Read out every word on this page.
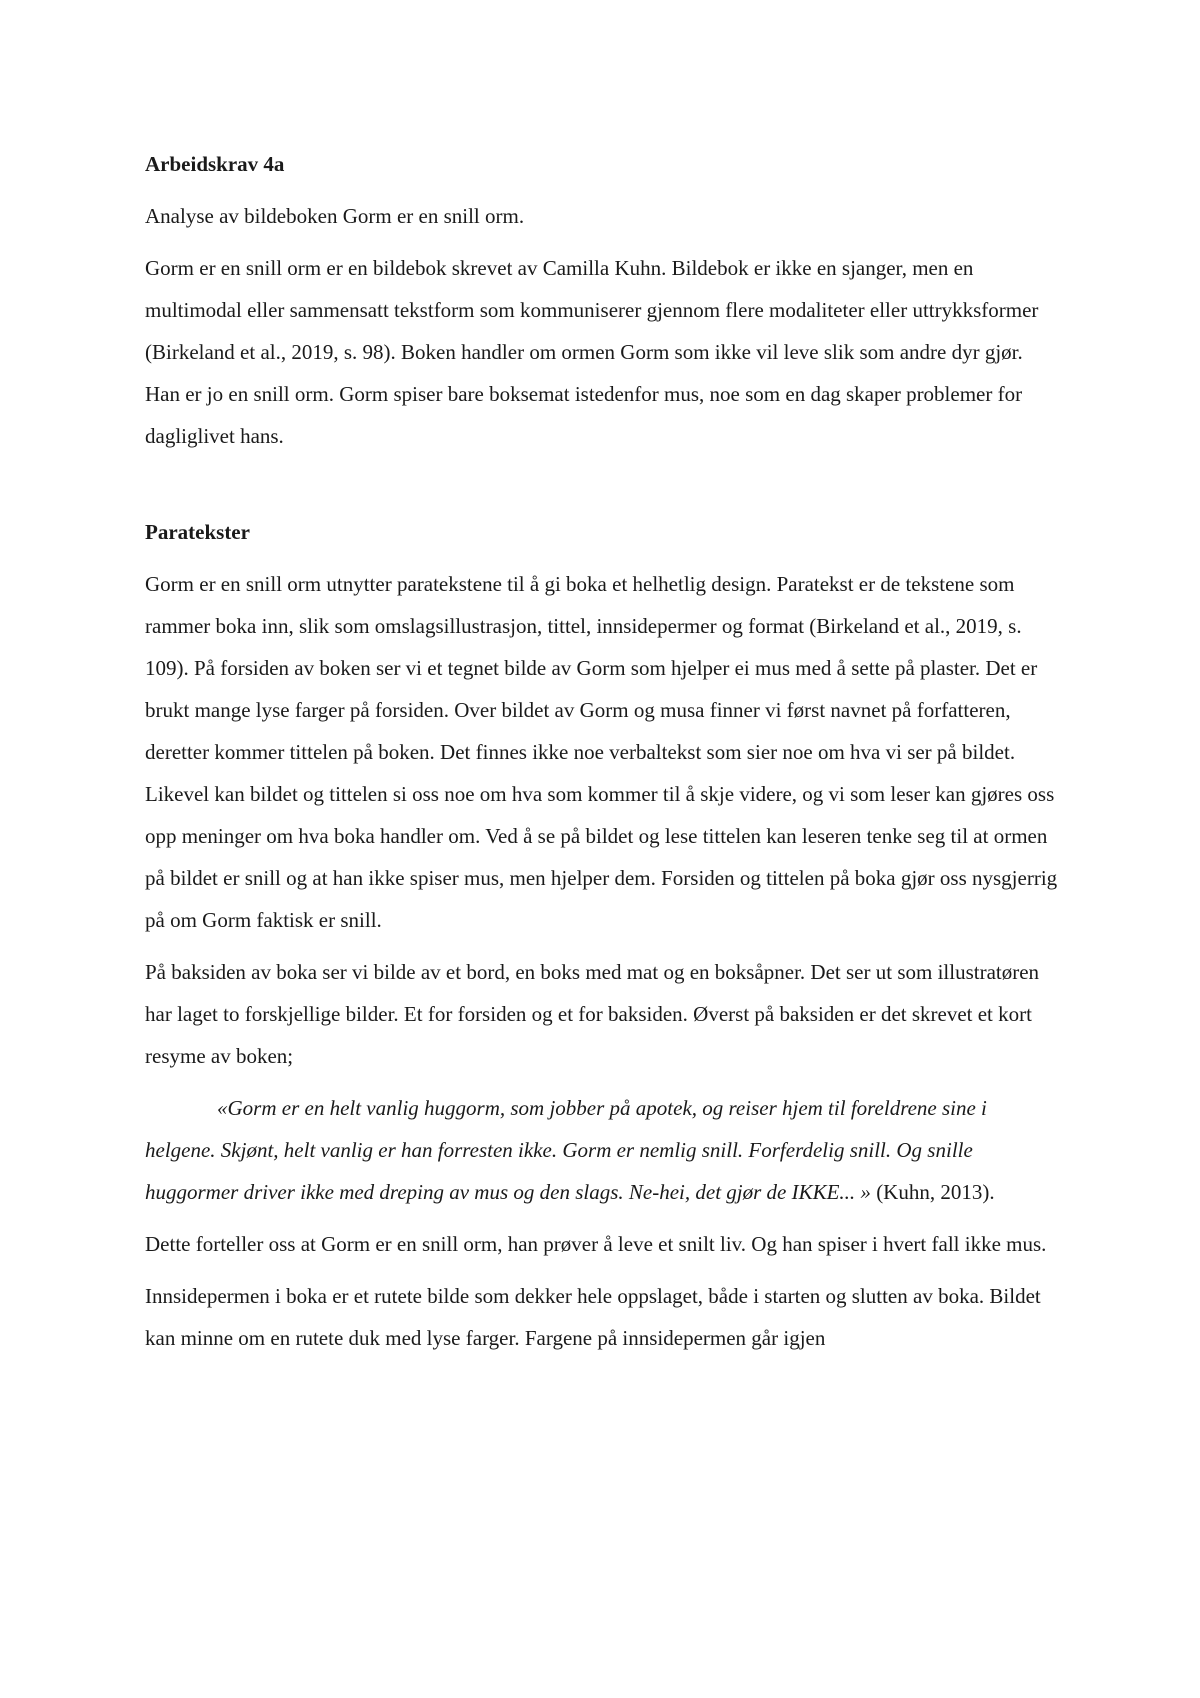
Arbeidskrav 4a

Analyse av bildeboken Gorm er en snill orm.

Gorm er en snill orm er en bildebok skrevet av Camilla Kuhn. Bildebok er ikke en sjanger, men en multimodal eller sammensatt tekstform som kommuniserer gjennom flere modaliteter eller uttrykksformer (Birkeland et al., 2019, s. 98). Boken handler om ormen Gorm som ikke vil leve slik som andre dyr gjør. Han er jo en snill orm. Gorm spiser bare boksemat istedenfor mus, noe som en dag skaper problemer for dagliglivet hans.

Paratekster

Gorm er en snill orm utnytter paratekstene til å gi boka et helhetlig design. Paratekst er de tekstene som rammer boka inn, slik som omslagsillustrasjon, tittel, innsidepermer og format (Birkeland et al., 2019, s. 109). På forsiden av boken ser vi et tegnet bilde av Gorm som hjelper ei mus med å sette på plaster. Det er brukt mange lyse farger på forsiden. Over bildet av Gorm og musa finner vi først navnet på forfatteren, deretter kommer tittelen på boken. Det finnes ikke noe verbaltekst som sier noe om hva vi ser på bildet. Likevel kan bildet og tittelen si oss noe om hva som kommer til å skje videre, og vi som leser kan gjøres oss opp meninger om hva boka handler om. Ved å se på bildet og lese tittelen kan leseren tenke seg til at ormen på bildet er snill og at han ikke spiser mus, men hjelper dem. Forsiden og tittelen på boka gjør oss nysgjerrig på om Gorm faktisk er snill.

På baksiden av boka ser vi bilde av et bord, en boks med mat og en boksåpner. Det ser ut som illustratøren har laget to forskjellige bilder. Et for forsiden og et for baksiden. Øverst på baksiden er det skrevet et kort resyme av boken;

«Gorm er en helt vanlig huggorm, som jobber på apotek, og reiser hjem til foreldrene sine i helgene. Skjønt, helt vanlig er han forresten ikke. Gorm er nemlig snill. Forferdelig snill. Og snille huggormer driver ikke med dreping av mus og den slags. Ne-hei, det gjør de IKKE... » (Kuhn, 2013).

Dette forteller oss at Gorm er en snill orm, han prøver å leve et snilt liv. Og han spiser i hvert fall ikke mus.

Innsidepermen i boka er et rutete bilde som dekker hele oppslaget, både i starten og slutten av boka. Bildet kan minne om en rutete duk med lyse farger. Fargene på innsidepermen går igjen
